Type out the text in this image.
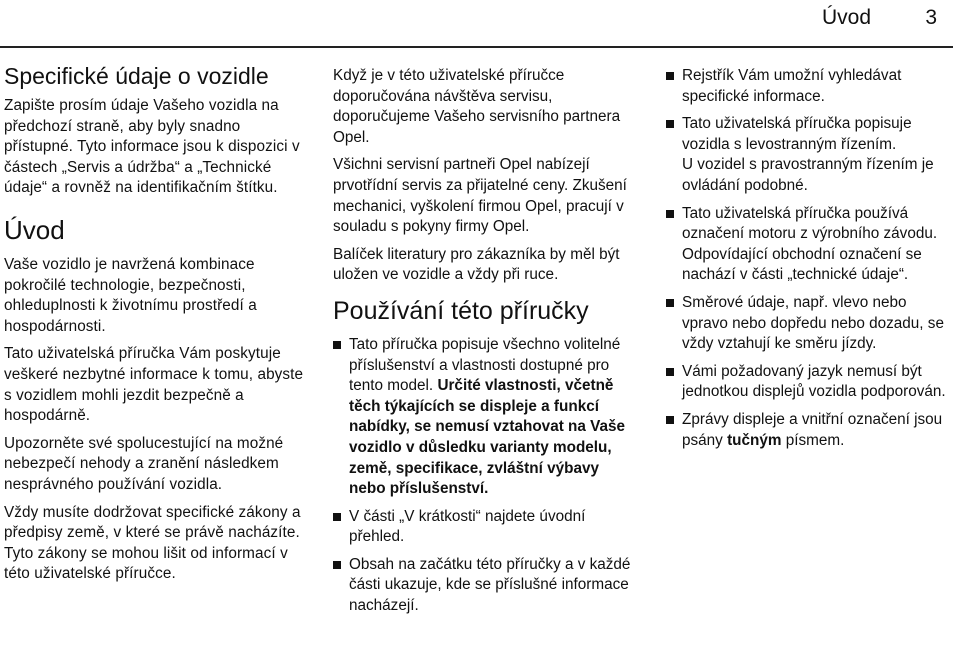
Úvod	3
Specifické údaje o vozidle

Zapište prosím údaje Vašeho vozidla na předchozí straně, aby byly snadno přístupné. Tyto informace jsou k dispozici v částech „Servis a údržba“ a „Technické údaje“ a rovněž na identifikačním štítku.

Úvod

Vaše vozidlo je navržená kombinace pokročilé technologie, bezpečnosti, ohleduplnosti k životnímu prostředí a hospodárnosti.

Tato uživatelská příručka Vám poskytuje veškeré nezbytné informace k tomu, abyste s vozidlem mohli jezdit bezpečně a hospodárně.

Upozorněte své spolucestující na možné nebezpečí nehody a zranění následkem nesprávného používání vozidla.

Vždy musíte dodržovat specifické zákony a předpisy země, v které se právě nacházíte. Tyto zákony se mohou lišit od informací v této uživatelské příručce.

Když je v této uživatelské příručce doporučována návštěva servisu, doporučujeme Vašeho servisního partnera Opel.

Všichni servisní partneři Opel nabízejí prvotřídní servis za přijatelné ceny. Zkušení mechanici, vyškolení firmou Opel, pracují v souladu s pokyny firmy Opel.

Balíček literatury pro zákazníka by měl být uložen ve vozidle a vždy při ruce.

Používání této příručky
Tato příručka popisuje všechno volitelné příslušenství a vlastnosti dostupné pro tento model. Určité vlastnosti, včetně těch týkajících se displeje a funkcí nabídky, se nemusí vztahovat na Vaše vozidlo v důsledku varianty modelu, země, specifikace, zvláštní výbavy nebo příslušenství.
V části „V krátkosti“ najdete úvodní přehled.
Obsah na začátku této příručky a v každé části ukazuje, kde se příslušné informace nacházejí.
Rejstřík Vám umožní vyhledávat specifické informace.
Tato uživatelská příručka popisuje vozidla s levostranným řízením.
U vozidel s pravostranným řízením je ovládání podobné.
Tato uživatelská příručka používá označení motoru z výrobního závodu. Odpovídající obchodní označení se nachází v části „technické údaje“.
Směrové údaje, např. vlevo nebo vpravo nebo dopředu nebo dozadu, se vždy vztahují ke směru jízdy.
Vámi požadovaný jazyk nemusí být jednotkou displejů vozidla podporován.
Zprávy displeje a vnitřní označení jsou psány tučným písmem.
